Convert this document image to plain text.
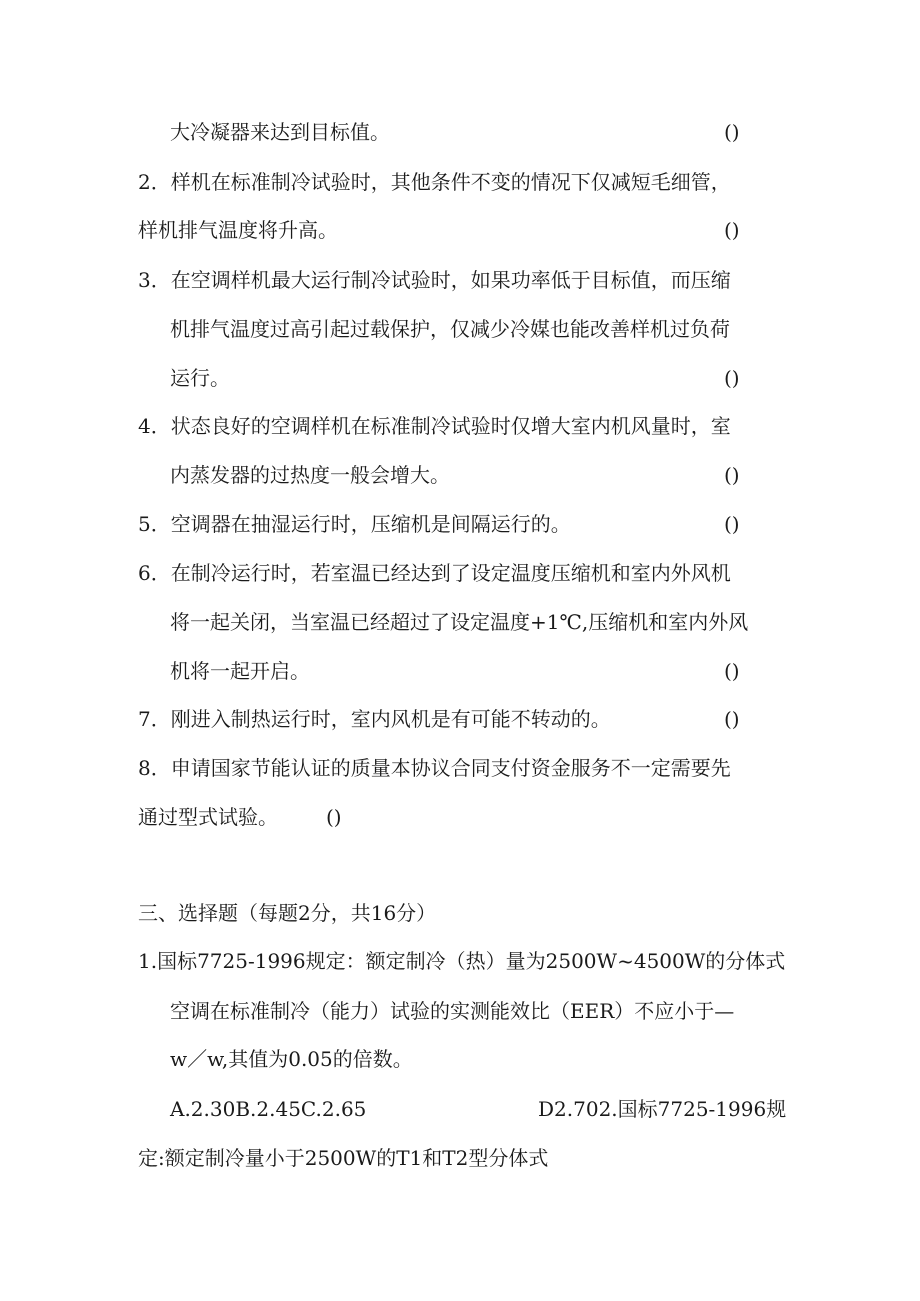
大冷凝器来达到目标值。	()
2．样机在标准制冷试验时，其他条件不变的情况下仅减短毛细管，
样机排气温度将升高。	()
3．在空调样机最大运行制冷试验时，如果功率低于目标值，而压缩
机排气温度过高引起过载保护，仅减少冷媒也能改善样机过负荷
运行。	()
4．状态良好的空调样机在标准制冷试验时仅增大室内机风量时，室
内蒸发器的过热度一般会增大。	()
5．空调器在抽湿运行时，压缩机是间隔运行的。	()
6．在制冷运行时，若室温已经达到了设定温度压缩机和室内外风机
将一起关闭，当室温已经超过了设定温度+1℃,压缩机和室内外风
机将一起开启。	()
7．刚进入制热运行时，室内风机是有可能不转动的。	()
8．申请国家节能认证的质量本协议合同支付资金服务不一定需要先
通过型式试验。 ()
三、选择题（每题2分，共16分）
1.国标7725-1996规定：额定制冷（热）量为2500W~4500W的分体式
空调在标准制冷（能力）试验的实测能效比（EER）不应小于—
w／w,其值为0.05的倍数。
A.2.30B.2.45C.2.65	D2.702.国标7725-1996规
定:额定制冷量小于2500W的T1和T2型分体式
